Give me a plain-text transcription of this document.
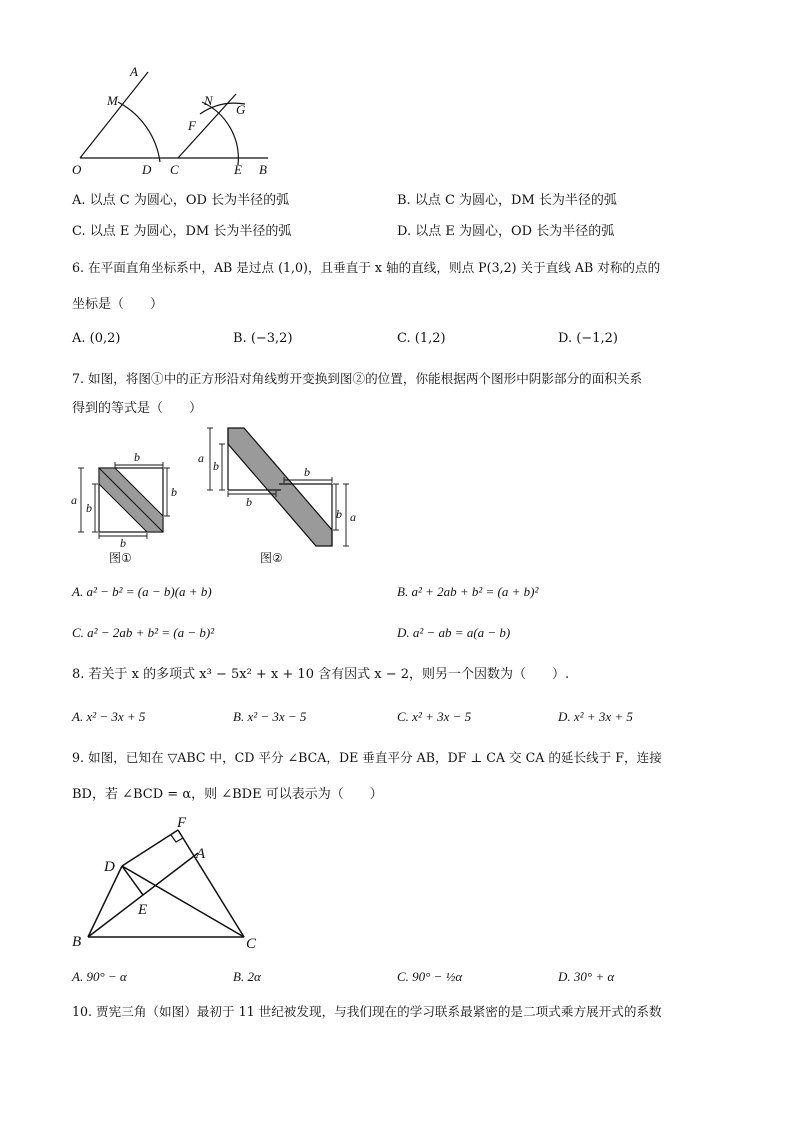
A
M	N
G
F
O	D C	E B
A. 以点 C 为圆心，OD 长为半径的弧	B. 以点 C 为圆心，DM 长为半径的弧
C. 以点 E 为圆心，DM 长为半径的弧	D. 以点 E 为圆心，OD 长为半径的弧
6. 在平面直角坐标系中，AB 是过点 (1,0)，且垂直于 x 轴的直线，则点 P(3,2) 关于直线 AB 对称的点的
坐标是（　　）
A. (0,2)	B. (−3,2)	C. (1,2)	D. (−1,2)
7. 如图，将图①中的正方形沿对角线剪开变换到图②的位置，你能根据两个图形中阴影部分的面积关系
得到的等式是（　　）
b
b
a
b
b
图①
a
b
b
b
b a
图②
A. a² − b² = (a − b)(a + b)	B. a² + 2ab + b² = (a + b)²
C. a² − 2ab + b² = (a − b)²	D. a² − ab = a(a − b)
8. 若关于 x 的多项式 x³ − 5x² + x + 10 含有因式 x − 2，则另一个因数为（　　）.
A. x² − 3x + 5	B. x² − 3x − 5	C. x² + 3x − 5	D. x² + 3x + 5
9. 如图，已知在 ▽ABC 中，CD 平分 ∠BCA，DE 垂直平分 AB，DF ⊥ CA 交 CA 的延长线于 F，连接
BD，若 ∠BCD = α，则 ∠BDE 可以表示为（　　）
F
A
D
E
B	C
A. 90° − α	B. 2α	C. 90° − ½α	D. 30° + α
10. 贾宪三角（如图）最初于 11 世纪被发现，与我们现在的学习联系最紧密的是二项式乘方展开式的系数
